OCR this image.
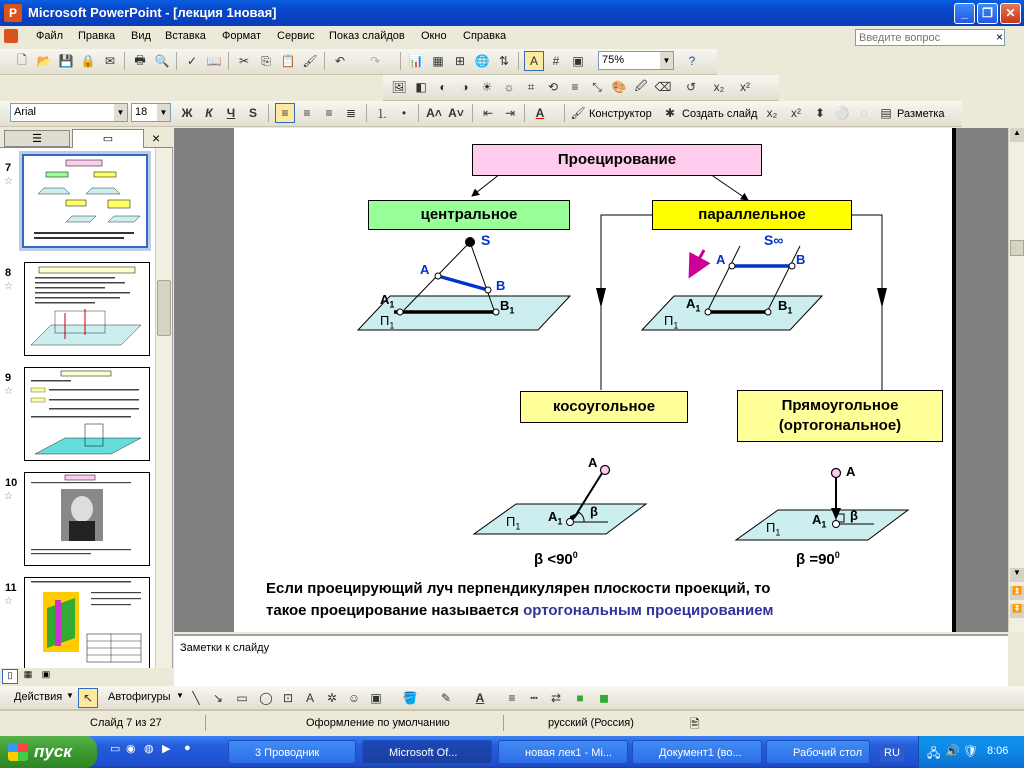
P Microsoft PowerPoint - [лекция 1новая]	_	❐	✕
Файл Правка Вид Вставка Формат Сервис Показ слайдов Окно Справка
Введите вопрос	×
🗋 📂 💾 🔒 ✉	🖶 🔍	✓ 📖	✂	⎘ 📋 🖌	↶	↷	📊 ▦ ⊞ 🌐 ⇅	A	#	▣	75%	▼	?
🖼 ◧	◐	◑	☀ ☼	⌗	⟲	≡	⤡ 🎨 🖉 ⌫	↺	x₂	x²
Arial	▼ 18	▼	Ж	К	Ч	S	≡	≡	≡	≣	⒈	•	A˄ A˅	⇤ ⇥	A	🖌 Конструктор	✱ Создать слайд x₂	x²	⬍ ⚪ ◌	▤ Разметка
☰	▭	×
7
☆
8
☆
9
☆
10
☆
11
☆
Проецирование
центральное	параллельное
косоугольное	Прямоугольное
(ортогональное)
S
A
B
$A_1$	$B_1$
$П_1$
S∞
A	B
$A_1$	$B_1$
$П_1$
A
$A_1$
β
$П_1$
$\beta <90^0$
A
$A_1$
β
$П_1$
$\beta =90^0$
Если проецирующий луч перпендикулярен плоскости проекций, то
такое проецирование называется ортогональным проецированием
▲
▼
⏫
⏬
Заметки к слайду
▯	▦	▣
Действия ▼ ↖	Автофигуры ▼ ╲	↘	▭ ◯ ⊡	A	✲ ☺ ▣	🪣	✎	A	≡	┅	⇄	■	◼
Слайд 7 из 27	Оформление по умолчанию	русский (Россия)	🖹
пуск	▭ ◉ ◍ ▶ ●	3 Проводник	Microsoft Of...	новая лек1 - Mi...	Документ1 (во...	Рабочий стол	RU	🖧 🔊 🛡 8:06
